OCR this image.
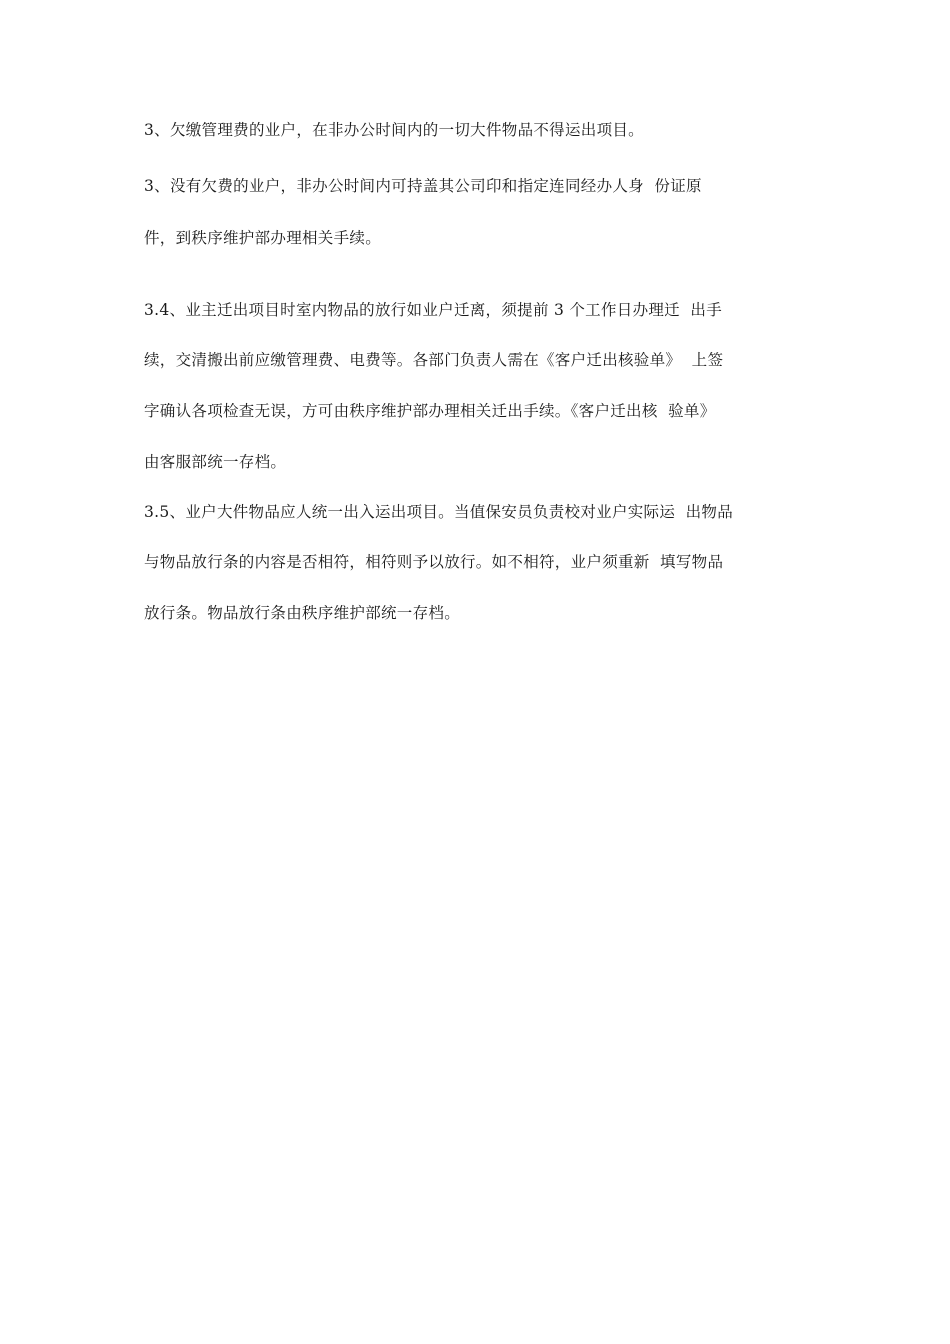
3、欠缴管理费的业户，在非办公时间内的一切大件物品不得运出项目。
3、没有欠费的业户，非办公时间内可持盖其公司印和指定连同经办人身  份证原
件，到秩序维护部办理相关手续。
3.4、业主迁出项目时室内物品的放行如业户迁离，须提前 3 个工作日办理迁  出手
续，交清搬出前应缴管理费、电费等。各部门负责人需在《客户迁出核验单》  上签
字确认各项检查无误，方可由秩序维护部办理相关迁出手续。《客户迁出核  验单》
由客服部统一存档。
3.5、业户大件物品应人统一出入运出项目。当值保安员负责校对业户实际运  出物品
与物品放行条的内容是否相符，相符则予以放行。如不相符，业户须重新  填写物品
放行条。物品放行条由秩序维护部统一存档。
